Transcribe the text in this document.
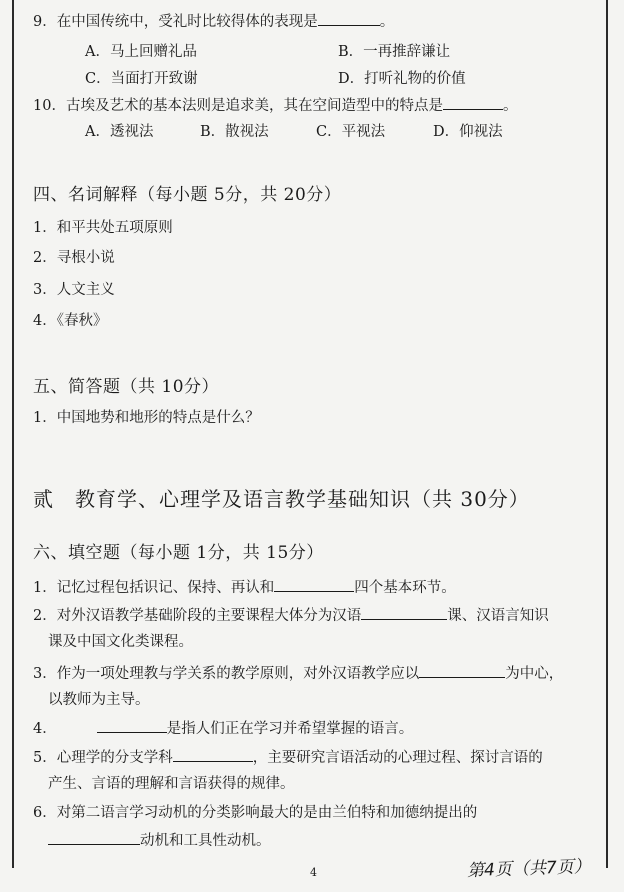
9．在中国传统中，受礼时比较得体的表现是	。
A．马上回赠礼品	B．一再推辞谦让
C．当面打开致谢	D．打听礼物的价值
10．古埃及艺术的基本法则是追求美，其在空间造型中的特点是	。
A．透视法	B．散视法	C．平视法	D．仰视法
四、名词解释（每小题 5分，共 20分）
1．和平共处五项原则
2．寻根小说
3．人文主义
4．《春秋》
五、简答题（共 10分）
1．中国地势和地形的特点是什么？
贰　教育学、心理学及语言教学基础知识（共 30分）
六、填空题（每小题 1分，共 15分）
1．记忆过程包括识记、保持、再认和	四个基本环节。
2．对外汉语教学基础阶段的主要课程大体分为汉语	课、汉语言知识
课及中国文化类课程。
3．作为一项处理教与学关系的教学原则，对外汉语教学应以	为中心，
以教师为主导。
4．	是指人们正在学习并希望掌握的语言。
5．心理学的分支学科	，主要研究言语活动的心理过程、探讨言语的
产生、言语的理解和言语获得的规律。
6．对第二语言学习动机的分类影响最大的是由兰伯特和加德纳提出的
动机和工具性动机。
4	第4页（共7页）
